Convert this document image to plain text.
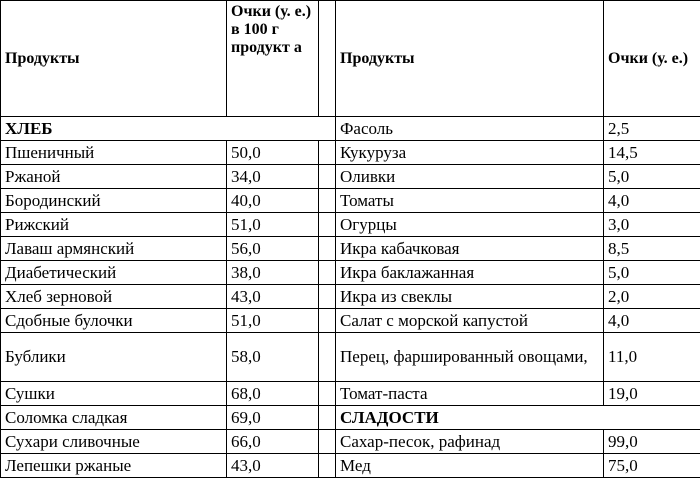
Продукты	Очки (у. е.) в 100 г продукт а		Продукты	Очки (у. е.)
ХЛЕБ			Фасоль	2,5
Пшеничный	50,0		Кукуруза	14,5
Ржаной	34,0		Оливки	5,0
Бородинский	40,0		Томаты	4,0
Рижский	51,0		Огурцы	3,0
Лаваш армянский	56,0		Икра кабачковая	8,5
Диабетический	38,0		Икра баклажанная	5,0
Хлеб зерновой	43,0		Икра из свеклы	2,0
Сдобные булочки	51,0		Салат с морской капустой	4,0
Бублики	58,0		Перец, фаршированный овощами,	11,0
Сушки	68,0		Томат-паста	19,0
Соломка сладкая	69,0		СЛАДОСТИ	
Сухари сливочные	66,0		Сахар-песок, рафинад	99,0
Лепешки ржаные	43,0		Мед	75,0
